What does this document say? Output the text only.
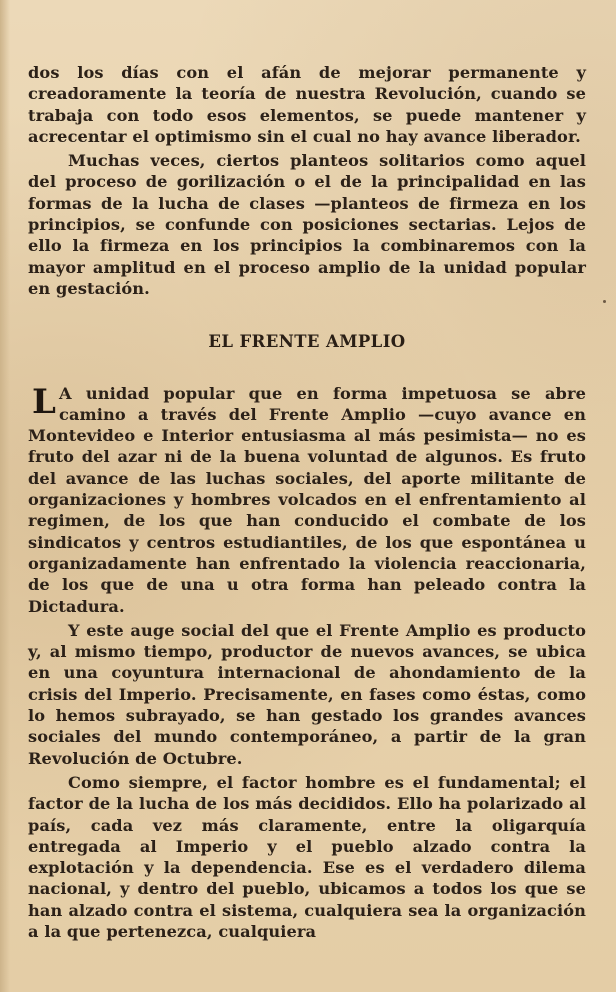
dos los días con el afán de mejorar permanente y creadoramente la teoría de nuestra Revolución, cuando se trabaja con todo esos elementos, se puede mantener y acrecentar el optimismo sin el cual no hay avance liberador.

Muchas veces, ciertos planteos solitarios como aquel del proceso de gorilización o el de la principalidad en las formas de la lucha de clases —planteos de firmeza en los principios, se confunde con posiciones sectarias. Lejos de ello la firmeza en los principios la combinaremos con la mayor amplitud en el proceso amplio de la unidad popular en gestación.

EL FRENTE AMPLIO

L A unidad popular que en forma impetuosa se abre camino a través del Frente Amplio —cuyo avance en Montevideo e Interior entusiasma al más pesimista— no es fruto del azar ni de la buena voluntad de algunos. Es fruto del avance de las luchas sociales, del aporte militante de organizaciones y hombres volcados en el enfrentamiento al regimen, de los que han conducido el combate de los sindicatos y centros estudiantiles, de los que espontánea u organizadamente han enfrentado la violencia reaccionaria, de los que de una u otra forma han peleado contra la Dictadura.

Y este auge social del que el Frente Amplio es producto y, al mismo tiempo, productor de nuevos avances, se ubica en una coyuntura internacional de ahondamiento de la crisis del Imperio. Precisamente, en fases como éstas, como lo hemos subrayado, se han gestado los grandes avances sociales del mundo contemporáneo, a partir de la gran Revolución de Octubre.

Como siempre, el factor hombre es el fundamental; el factor de la lucha de los más decididos. Ello ha polarizado al país, cada vez más claramente, entre la oligarquía entregada al Imperio y el pueblo alzado contra la explotación y la dependencia. Ese es el verdadero dilema nacional, y dentro del pueblo, ubicamos a todos los que se han alzado contra el sistema, cualquiera sea la organización a la que pertenezca, cualquiera
